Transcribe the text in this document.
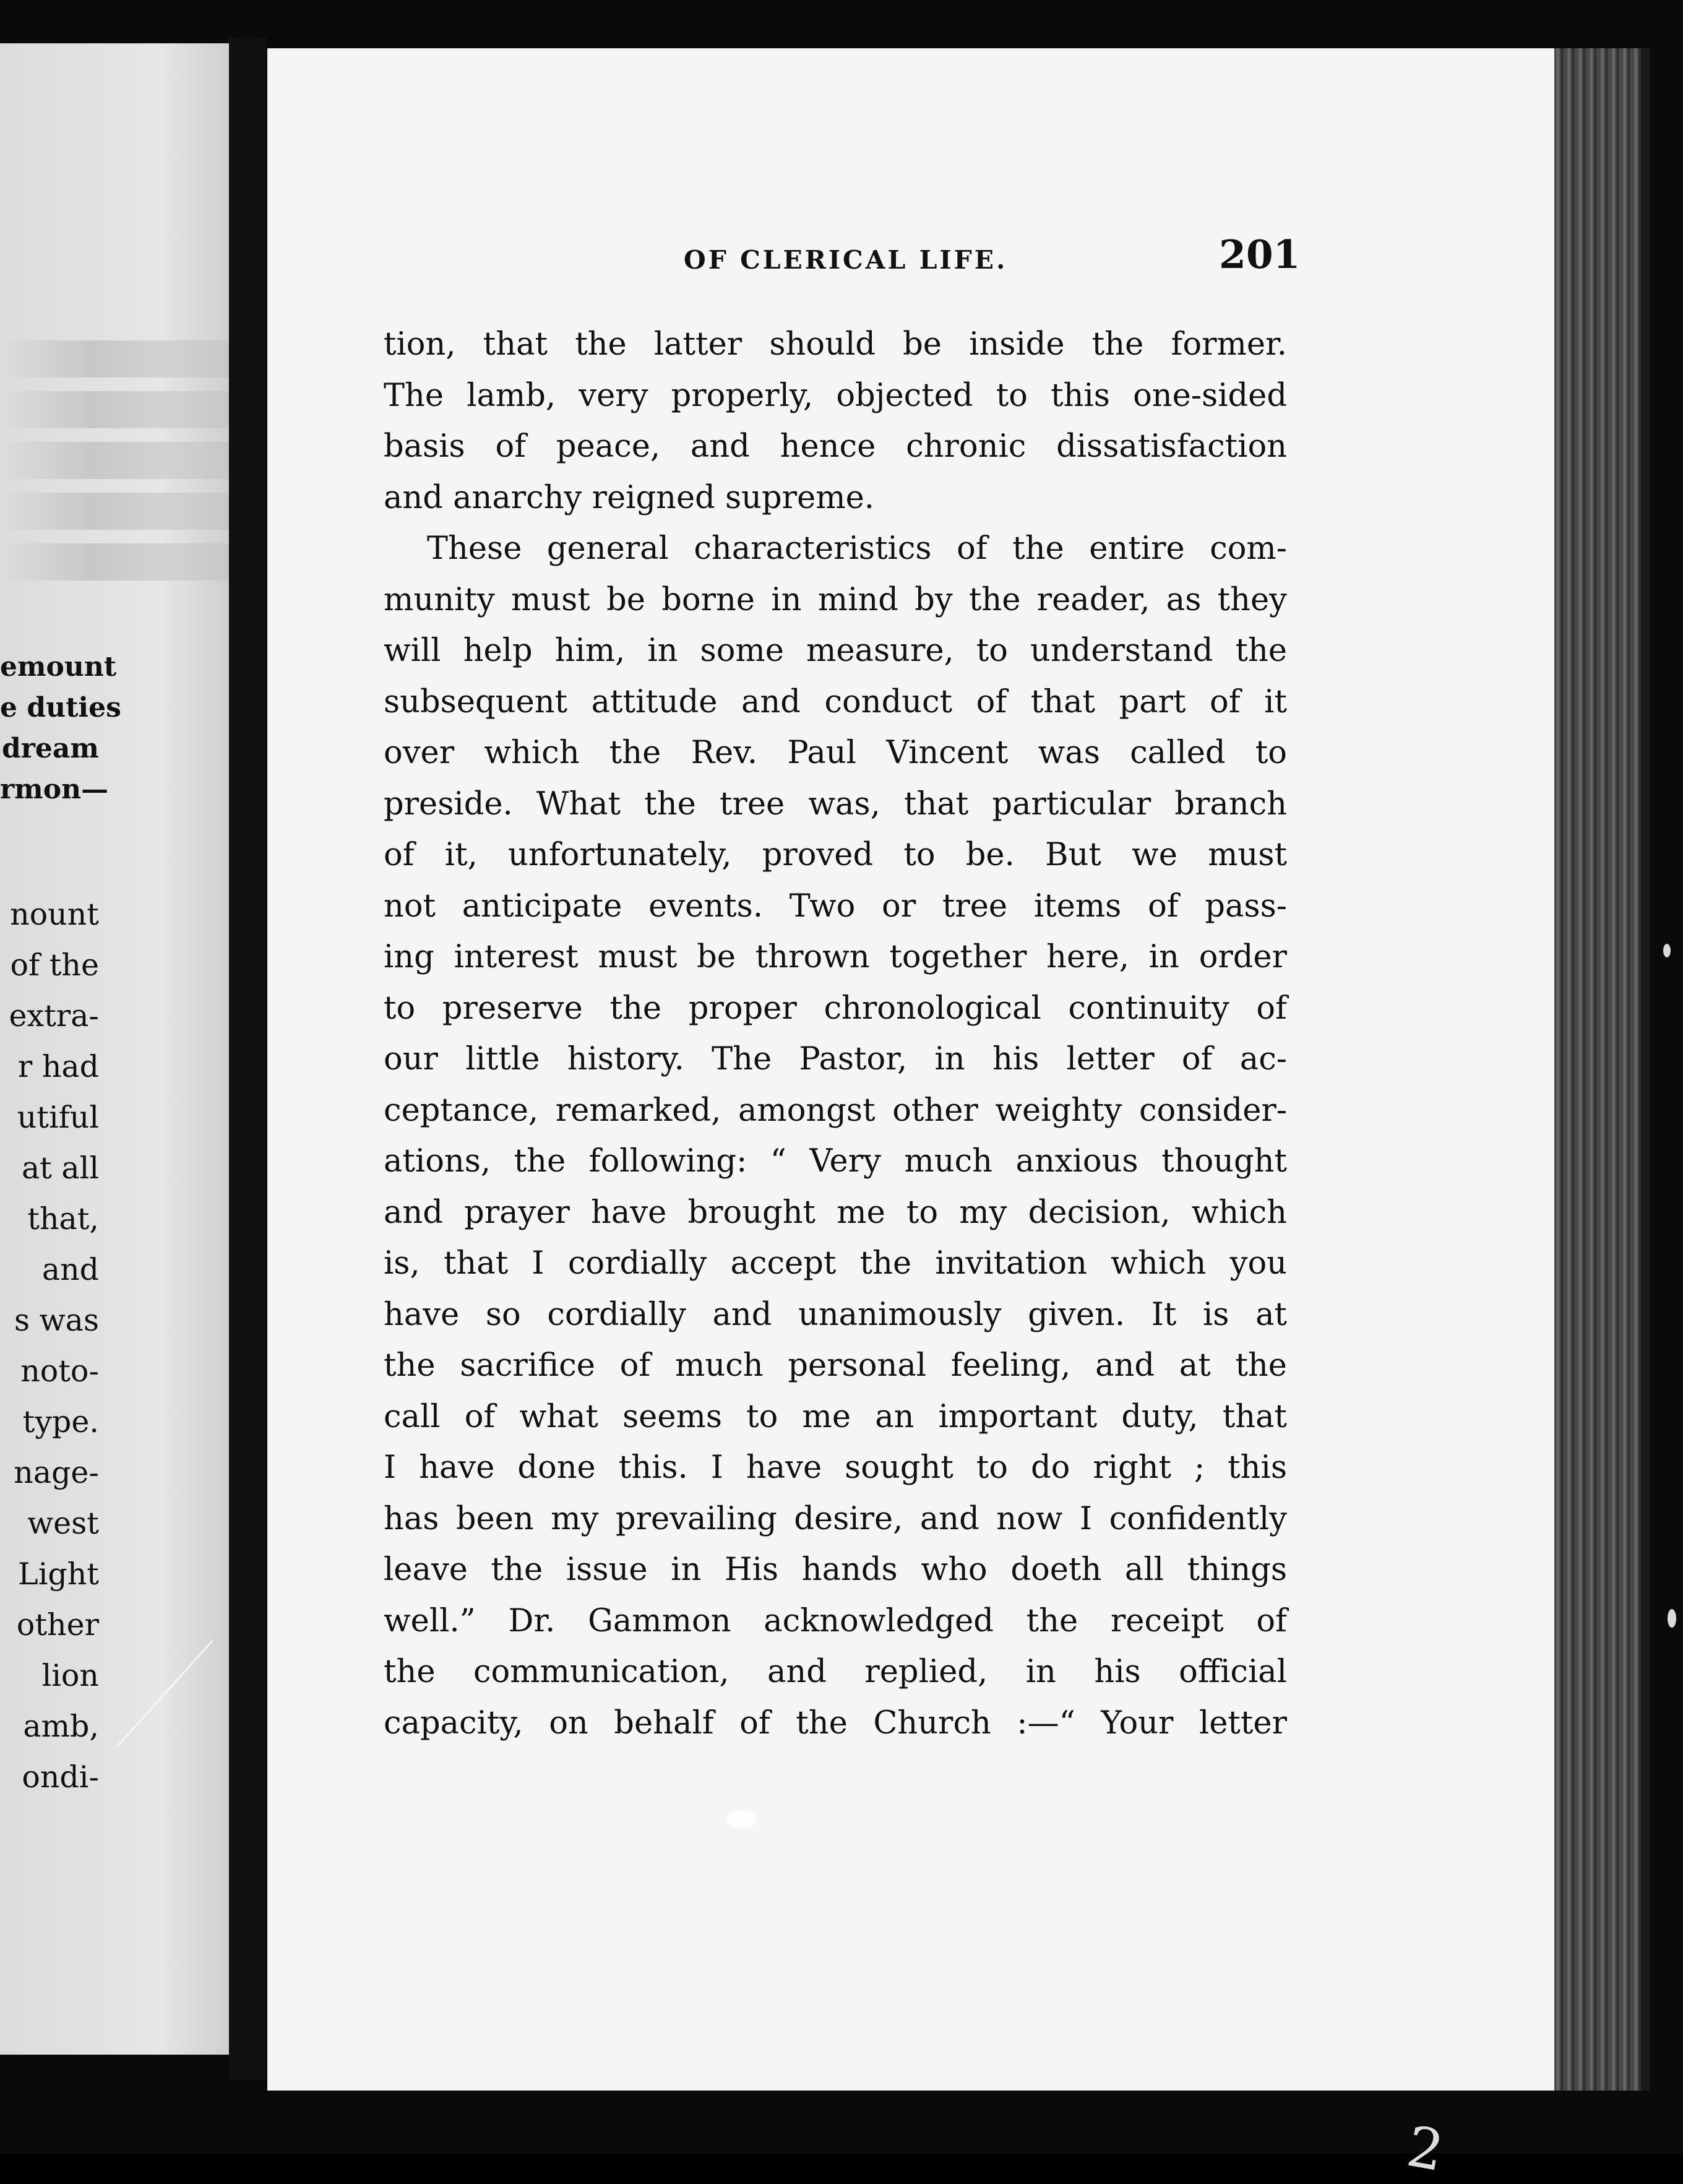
emount
e duties
dream
rmon—
nount
of the
extra-
r had
utiful
at all
that,
and
s was
noto-
type.
nage-
west
Light
other
lion
amb,
ondi-
OF CLERICAL LIFE.	201
tion, that the latter should be inside the former.
The lamb, very properly, objected to this one-sided
basis of peace, and hence chronic dissatisfaction
and anarchy reigned supreme.
These general characteristics of the entire com-
munity must be borne in mind by the reader, as they
will help him, in some measure, to understand the
subsequent attitude and conduct of that part of it
over which the Rev. Paul Vincent was called to
preside. What the tree was, that particular branch
of it, unfortunately, proved to be. But we must
not anticipate events. Two or tree items of pass-
ing interest must be thrown together here, in order
to preserve the proper chronological continuity of
our little history. The Pastor, in his letter of ac-
ceptance, remarked, amongst other weighty consider-
ations, the following: “ Very much anxious thought
and prayer have brought me to my decision, which
is, that I cordially accept the invitation which you
have so cordially and unanimously given. It is at
the sacrifice of much personal feeling, and at the
call of what seems to me an important duty, that
I have done this. I have sought to do right ; this
has been my prevailing desire, and now I confidently
leave the issue in His hands who doeth all things
well.” Dr. Gammon acknowledged the receipt of
the communication, and replied, in his official
capacity, on behalf of the Church :—“ Your letter
2
